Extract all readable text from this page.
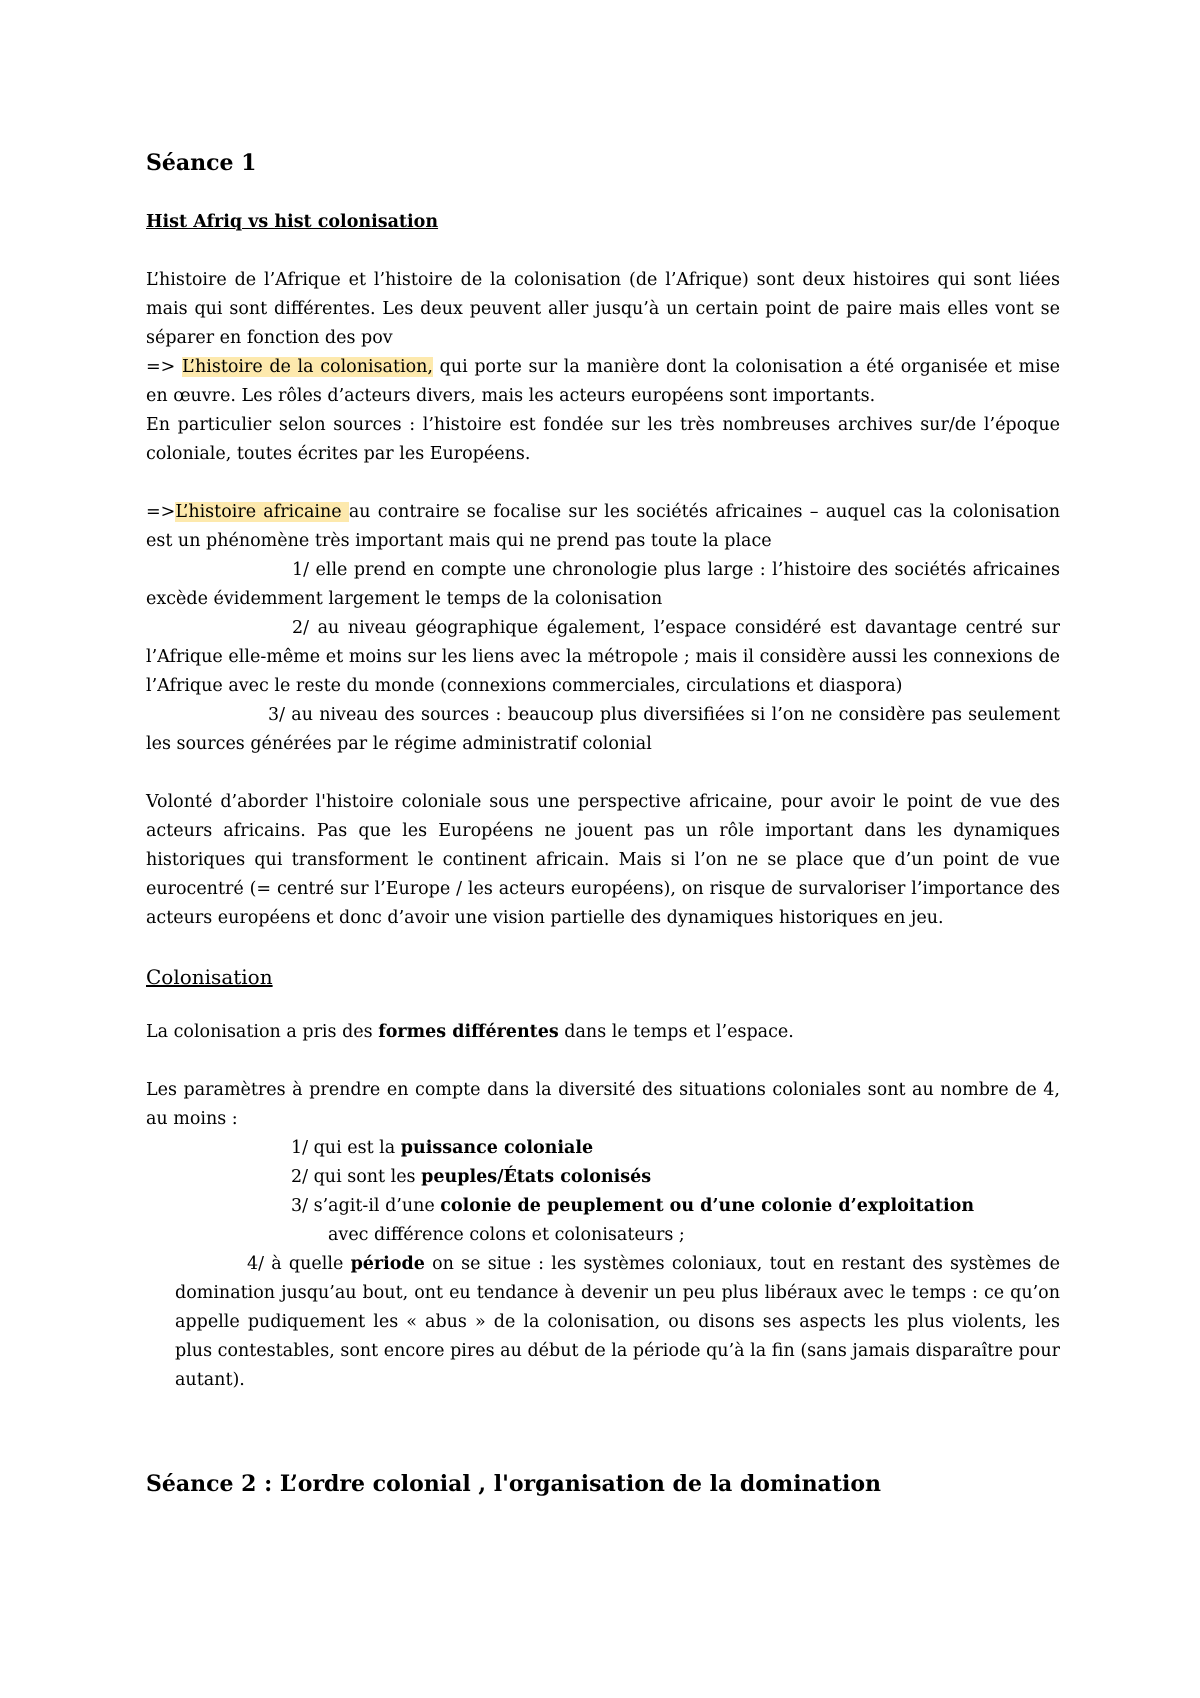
Séance 1
Hist Afriq vs hist colonisation

L’histoire de l’Afrique et l’histoire de la colonisation (de l’Afrique) sont deux histoires qui sont liées mais qui sont différentes. Les deux peuvent aller jusqu’à un certain point de paire mais elles vont se séparer en fonction des pov

=> L’histoire de la colonisation, qui porte sur la manière dont la colonisation a été organisée et mise en œuvre. Les rôles d’acteurs divers, mais les acteurs européens sont importants.

En particulier selon sources : l’histoire est fondée sur les très nombreuses archives sur/de l’époque coloniale, toutes écrites par les Européens.

=>L’histoire africaine au contraire se focalise sur les sociétés africaines – auquel cas la colonisation est un phénomène très important mais qui ne prend pas toute la place

1/ elle prend en compte une chronologie plus large : l’histoire des sociétés africaines excède évidemment largement le temps de la colonisation

2/ au niveau géographique également, l’espace considéré est davantage centré sur l’Afrique elle-même et moins sur les liens avec la métropole ; mais il considère aussi les connexions de l’Afrique avec le reste du monde (connexions commerciales, circulations et diaspora)

3/ au niveau des sources : beaucoup plus diversifiées si l’on ne considère pas seulement les sources générées par le régime administratif colonial

Volonté d’aborder l'histoire coloniale sous une perspective africaine, pour avoir le point de vue des acteurs africains. Pas que les Européens ne jouent pas un rôle important dans les dynamiques historiques qui transforment le continent africain. Mais si l’on ne se place que d’un point de vue eurocentré (= centré sur l’Europe / les acteurs européens), on risque de survaloriser l’importance des acteurs européens et donc d’avoir une vision partielle des dynamiques historiques en jeu.

Colonisation

La colonisation a pris des formes différentes dans le temps et l’espace.

Les paramètres à prendre en compte dans la diversité des situations coloniales sont au nombre de 4, au moins :

1/ qui est la puissance coloniale

2/ qui sont les peuples/États colonisés

3/ s’agit-il d’une colonie de peuplement ou d’une colonie d’exploitation

avec différence colons et colonisateurs ;

4/ à quelle période on se situe : les systèmes coloniaux, tout en restant des systèmes de domination jusqu’au bout, ont eu tendance à devenir un peu plus libéraux avec le temps : ce qu’on appelle pudiquement les « abus » de la colonisation, ou disons ses aspects les plus violents, les plus contestables, sont encore pires au début de la période qu’à la fin (sans jamais disparaître pour autant).

Séance 2 : L’ordre colonial , l'organisation de la domination
